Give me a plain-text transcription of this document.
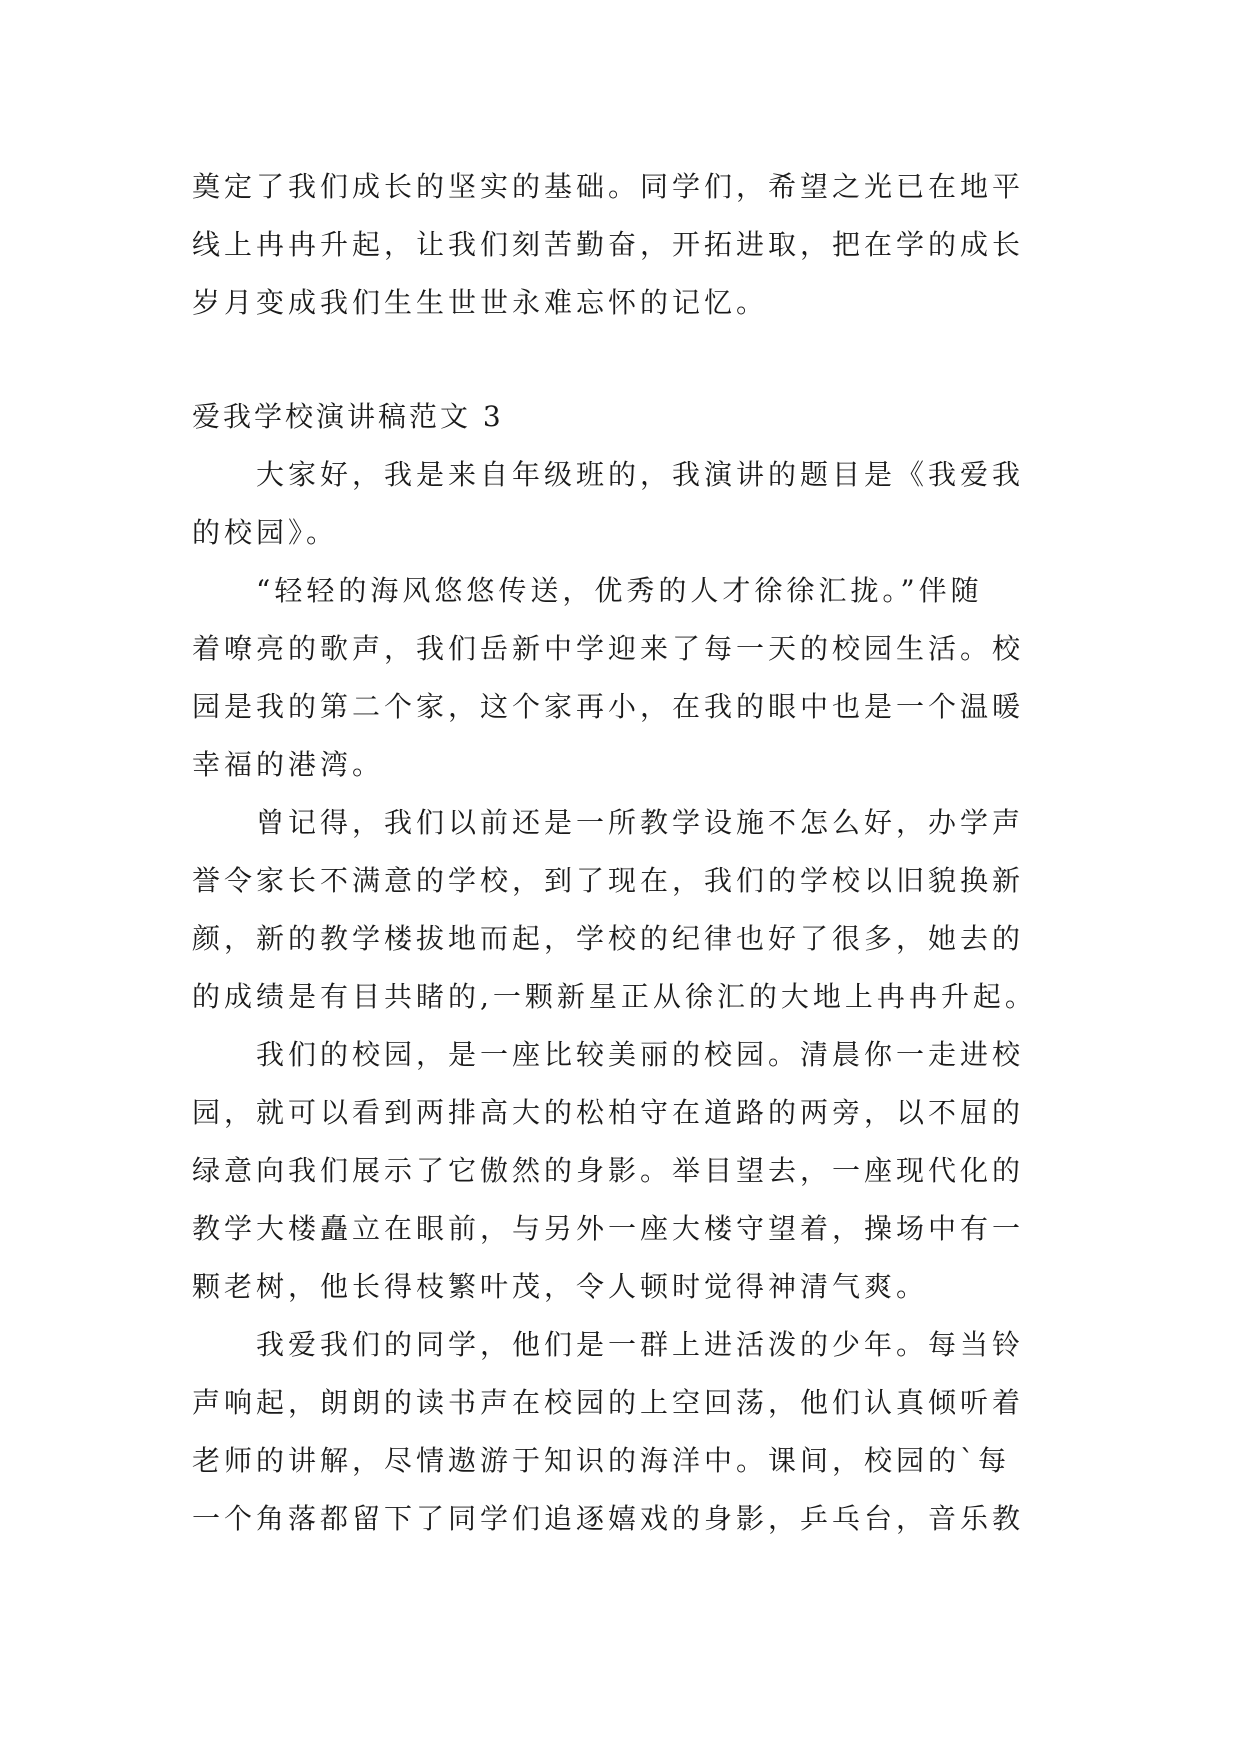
奠定了我们成长的坚实的基础。同学们，希望之光已在地平
线上冉冉升起，让我们刻苦勤奋，开拓进取，把在学的成长
岁月变成我们生生世世永难忘怀的记忆。
爱我学校演讲稿范文 3
　　大家好，我是来自年级班的，我演讲的题目是《我爱我
的校园》。
　　“轻轻的海风悠悠传送，优秀的人才徐徐汇拢。”伴随
着嘹亮的歌声，我们岳新中学迎来了每一天的校园生活。校
园是我的第二个家，这个家再小，在我的眼中也是一个温暖
幸福的港湾。
　　曾记得，我们以前还是一所教学设施不怎么好，办学声
誉令家长不满意的学校，到了现在，我们的学校以旧貌换新
颜，新的教学楼拔地而起，学校的纪律也好了很多，她去的
的成绩是有目共睹的,一颗新星正从徐汇的大地上冉冉升起。
　　我们的校园，是一座比较美丽的校园。清晨你一走进校
园，就可以看到两排高大的松柏守在道路的两旁，以不屈的
绿意向我们展示了它傲然的身影。举目望去，一座现代化的
教学大楼矗立在眼前，与另外一座大楼守望着，操场中有一
颗老树，他长得枝繁叶茂，令人顿时觉得神清气爽。
　　我爱我们的同学，他们是一群上进活泼的少年。每当铃
声响起，朗朗的读书声在校园的上空回荡，他们认真倾听着
老师的讲解，尽情遨游于知识的海洋中。课间，校园的`每
一个角落都留下了同学们追逐嬉戏的身影，乒乓台，音乐教
